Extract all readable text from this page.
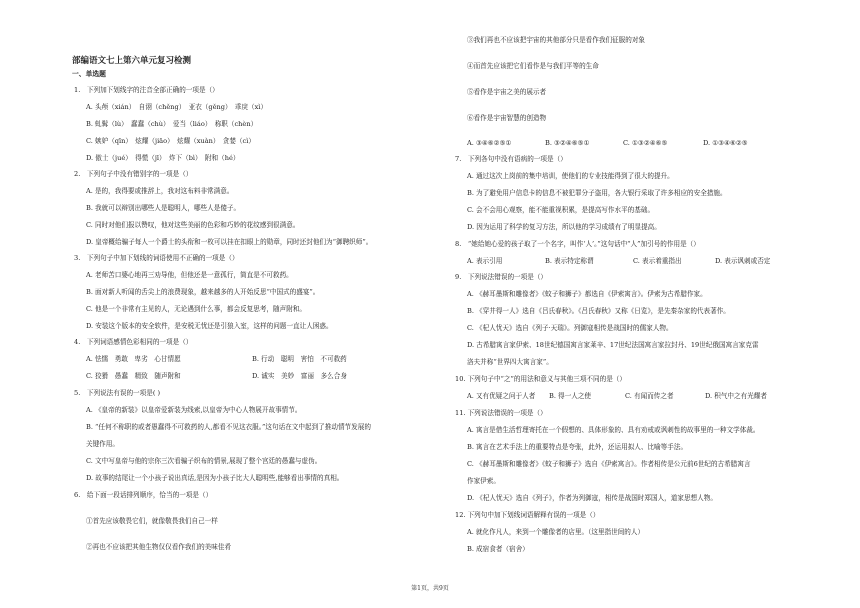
部编语文七上第六单元复习检测
一、单选题
1.　下列加下划线字的注音全部正确的一项是（）
A. 头颅（xián）　自诩（chěng）　亚衣（gěng）　乖戾（xì）
B. 虬髯（lù）　蠢蠢（chù）　爱当（liáo）　称职（chèn）
C. 嫉妒（qīn）　炫耀（jiāo）　炫耀（xuàn）　贪婪（cì）
D. 傲士（jué）　得慌（jī）　炸下（bì）　附和（hé）
2.　下列句子中没有错别字的一项是（）
A. 是的，我得要或推辞上，我对这布料非常满意。
B. 我就可以辩别出哪些人是聪明人，哪些人是傻子。
C. 同时对他们报以赞叹，他对这些美丽的色彩和巧妙的花纹感到很满意。
D. 皇帝概给骗子每人一个爵士的头衔和一枚可以挂在扣眼上的勋章，同时还封他们为“御聘织师”。
3.　下列句子中加下划线的词语使用不正确的一项是（）
A. 老师苦口婆心地再三劝导他，但他还是一意孤行，简直是不可救药。
B. 面对新人听闻的舌尖上的浪费现象，越来越多的人开始反思“中国式的盛宴”。
C. 他是一个非常有主见的人，无论遇到什么事，都会反复思考，随声附和。
D. 安装这个版本的安全软件，是安税无忧还是引狼入室，这样的问题一直让人困惑。
4.　下列词语感情色彩相同的一项是（）
A. 怯懦　勇敢　卑劣　心甘情愿	B. 行动　聪明　害怕　不可救药
C. 狡猾　愚蠢　精致　随声附和	D. 诚实　美妙　富丽　多么合身
5.　下列说法有误的一项是( )
A. 《皇帝的新装》以皇帝爱新装为线索,以皇帝为中心人物展开故事情节。
B. “任何不称职的或者愚蠢得不可救药的人,都看不见这衣服。”这句话在文中起到了推动情节发展的
关键作用。
C. 文中写皇帝与他的宗你三次看骗子织布的情景,展现了整个宫廷的愚蠢与虚伪。
D. 故事的结尾让一个小孩子说出真话,是因为小孩子比大人聪明些,能够看出事情的真相。
6.　给下面一段话排列顺序，恰当的一项是（）
①首先应该敬畏它们，就像敬畏我们自己一样
②再也不应该把其他生物仅仅看作我们的美味佳肴
③我们再也不应该把宇宙的其他部分只是看作我们征服的对象
④而首先应该把它们看作是与我们平等的生命
⑤看作是宇宙之美的展示者
⑥看作是宇宙智慧的创造物
A. ③④⑥②⑤①	B. ③②④⑥⑤①	C. ①③②④⑥⑤	D. ①③④⑥②⑤
7.　下列各句中没有语病的一项是（）
A. 通过这次上岗前的集中培训，使他们的专业技能得到了很大的提升。
B. 为了避免用户信息卡的信息不被犯罪分子盗用，各大银行采取了许多相应的安全措施。
C. 会不会用心观察，能不能重视积累，是提高写作水平的基础。
D. 因为运用了科学的复习方法，所以他的学习成绩有了明显提高。
8.　“她给她心爱的孩子取了一个名字，叫作‘人’。”这句话中“人”加引号的作用是（）
A. 表示引用	B. 表示特定称谓	C. 表示着重指出	D. 表示讽刺或否定
9.　下列说法错误的一项是（）
A. 《赫耳墨斯和雕像者》《蚊子和狮子》都选自《伊索寓言》。伊索为古希腊作家。
B. 《穿井得一人》选自《吕氏春秋》。《吕氏春秋》又称《日览》，是先秦杂家的代表著作。
C. 《杞人忧天》选自《列子·天瑞》。列御寇相传是战国时的儒家人物。
D. 古希腊寓言家伊索、18世纪德国寓言家莱辛、17世纪法国寓言家拉封丹、19世纪俄国寓言家克雷
洛夫并称“世界四大寓言家”。
10. 下列句子中“之”的用法和意义与其他三项不同的是（）
A. 又有优疑之问于人者 B. 得一人之使	C. 有闻而传之者	D. 积气中之有光耀者
11. 下列说法错误的一项是（）
A. 寓言是借生活哲理寄托在一个假想的、具体形象的、具有劝戒或讽刺性的故事里的一种文学体裁。
B. 寓言在艺术手法上的重要特点是夸张，此外，还运用拟人、比喻等手法。
C. 《赫耳墨斯和雕像者》《蚊子和狮子》选自《伊索寓言》。作者相传是公元前6世纪的古希腊寓言
作家伊索。
D. 《杞人忧天》选自《列子》，作者为列御寇，相传是战国时郑国人，道家思想人物。
12. 下列句中加下划线词语解释有误的一项是（）
A. 就化作凡人，来到一个雕像者的店里。（这里指世间的人）
B. 成宿食者（宿舍）
第1页，共9页
